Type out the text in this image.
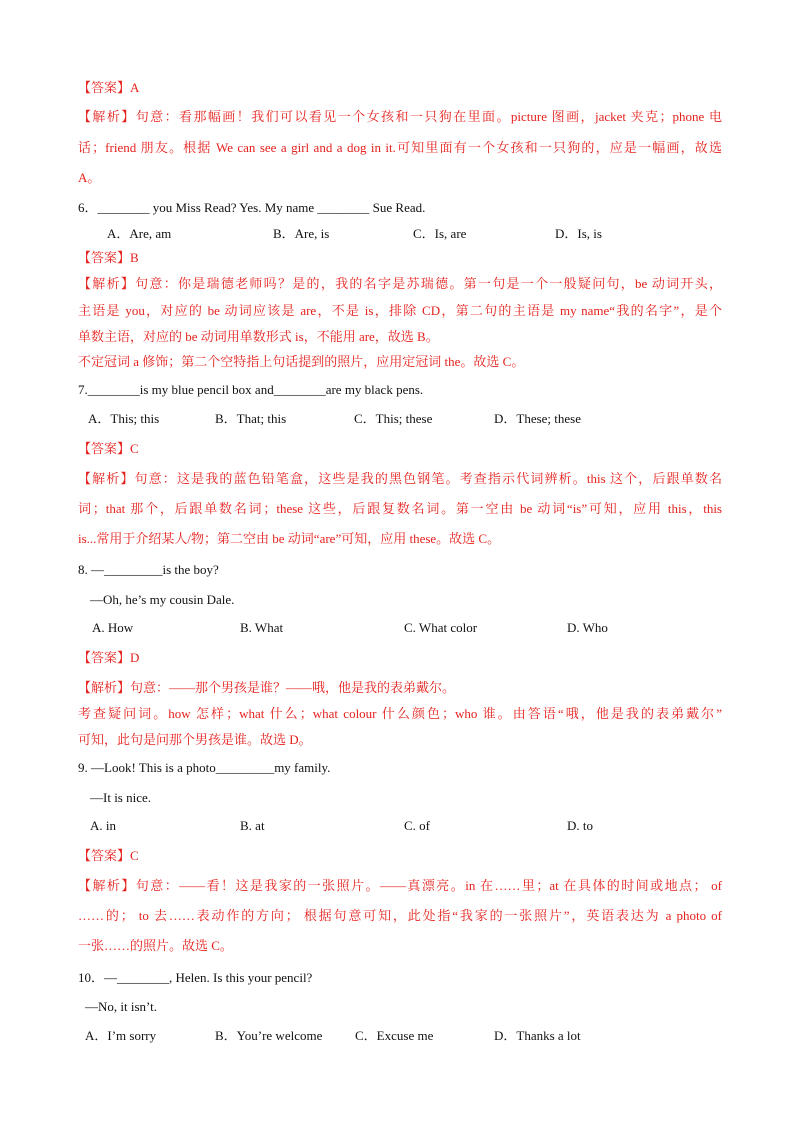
【答案】A
【解析】句意：看那幅画！我们可以看见一个女孩和一只狗在里面。picture 图画，jacket 夹克；phone 电
话；friend 朋友。根据 We can see a girl and a dog in it.可知里面有一个女孩和一只狗的，应是一幅画，故选
A。
6．________ you Miss Read? Yes. My name ________ Sue Read.
A．Are, am	B．Are, is	C．Is, are	D．Is, is
【答案】B
【解析】句意：你是瑞德老师吗？是的，我的名字是苏瑞德。第一句是一个一般疑问句，be 动词开头，
主语是 you，对应的 be 动词应该是 are，不是 is，排除 CD，第二句的主语是 my name“我的名字”，是个
单数主语，对应的 be 动词用单数形式 is，不能用 are，故选 B。
不定冠词 a 修饰；第二个空特指上句话提到的照片，应用定冠词 the。故选 C。
7.________is my blue pencil box and________are my black pens.
A．This; this	B．That; this	C．This; these	D．These; these
【答案】C
【解析】句意：这是我的蓝色铅笔盒，这些是我的黑色钢笔。考查指示代词辨析。this 这个，后跟单数名
词；that 那个，后跟单数名词；these 这些，后跟复数名词。第一空由 be 动词“is”可知，应用 this，this
is...常用于介绍某人/物；第二空由 be 动词“are”可知，应用 these。故选 C。
8. —_________is the boy?
—Oh, he’s my cousin Dale.
A. How	B. What	C. What color	D. Who
【答案】D
【解析】句意：——那个男孩是谁？——哦，他是我的表弟戴尔。
考查疑问词。how 怎样；what 什么；what colour 什么颜色；who 谁。由答语“哦，他是我的表弟戴尔”
可知，此句是问那个男孩是谁。故选 D。
9. —Look! This is a photo_________my family.
—It is nice.
A. in	B. at	C. of	D. to
【答案】C
【解析】句意：——看！这是我家的一张照片。——真漂亮。in 在……里；at 在具体的时间或地点； of
……的； to 去……表动作的方向； 根据句意可知，此处指“我家的一张照片”，英语表达为 a photo of
一张……的照片。故选 C。
10．—________, Helen. Is this your pencil?
—No, it isn’t.
A．I’m sorry	B．You’re welcome	C．Excuse me	D．Thanks a lot
